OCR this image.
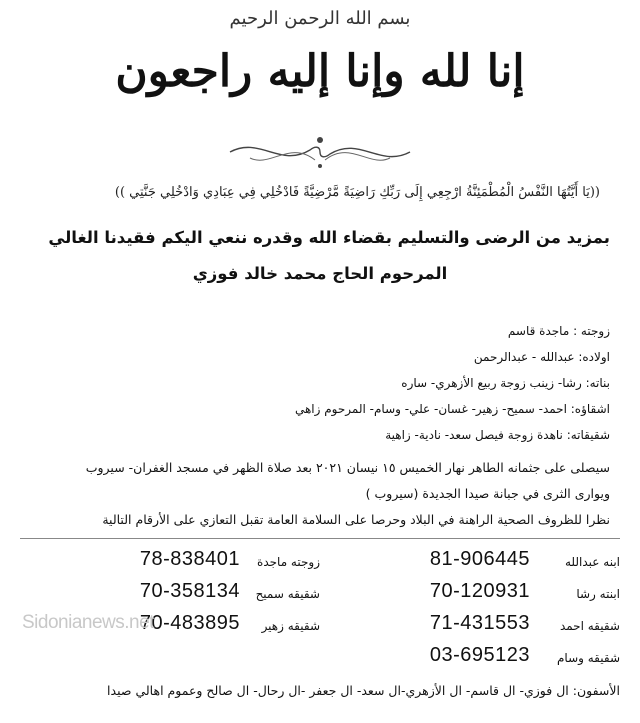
بسم الله الرحمن الرحيم
إنا لله وإنا إليه راجعون
((يَا أَيَّتُهَا النَّفْسُ الْمُطْمَئِنَّةُ ارْجِعِي إِلَى رَبِّكِ رَاضِيَةً مَّرْضِيَّةً فَادْخُلِي فِي عِبَادِي وَادْخُلِي جَنَّتِي ))
بمزيد من الرضى والتسليم بقضاء الله وقدره ننعي اليكم فقيدنا الغالي
المرحوم الحاج محمد خالد فوزي
زوجته : ماجدة قاسم
اولاده: عبدالله - عبدالرحمن
بناته: رشا- زينب زوجة ربيع الأزهري- ساره
اشقاؤه: احمد- سميح- زهير- غسان- علي- وسام- المرحوم زاهي
شقيقاته: ناهدة زوجة فيصل سعد- نادية- زاهية
سيصلى على جثمانه الطاهر نهار الخميس ١٥ نيسان ٢٠٢١ بعد صلاة الظهر في مسجد الغفران- سيروب
ويوارى الثرى في جبانة صيدا الجديدة (سيروب )
نظرا للظروف الصحية الراهنة في البلاد وحرصا على السلامة العامة تقبل التعازي على الأرقام التالية
ابنه عبدالله
81-906445
ابنته رشا
70-120931
شقيقه احمد
71-431553
شقيقه وسام
03-695123
زوجته ماجدة
78-838401
شقيقه سميح
70-358134
شقيقه زهير
70-483895
Sidonianews.net
الأسفون: ال فوزي- ال قاسم- ال الأزهري-ال سعد- ال جعفر -ال رحال- ال صالح وعموم اهالي صيدا
